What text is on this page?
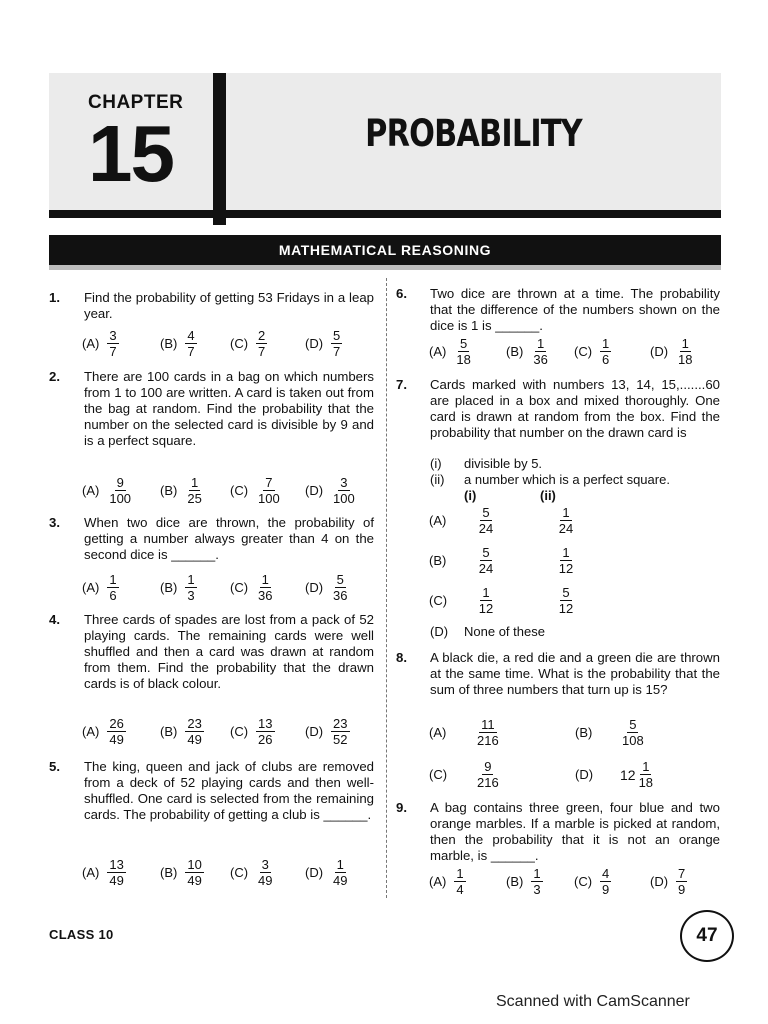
CHAPTER
15	PROBABILITY
MATHEMATICAL REASONING
1. Find the probability of getting 53 Fridays in a leap year.
$(A) \frac{3}{7}$	$(B) \frac{4}{7}$	$(C) \frac{2}{7}$	$(D) \frac{5}{7}$
2. There are 100 cards in a bag on which numbers from 1 to 100 are written. A card is taken out from the bag at random. Find the probability that the number on the selected card is divisible by 9 and is a perfect square.
$(A) \frac{9}{100} (B) \frac{1}{25} (C) \frac{7}{100} (D) \frac{3}{100}$
3. When two dice are thrown, the probability of getting a number always greater than 4 on the second dice is ______.
$(A) \frac{1}{6}$	$(B) \frac{1}{3}$	$(C) \frac{1}{36} (D) \frac{5}{36}$
4. Three cards of spades are lost from a pack of 52 playing cards. The remaining cards were well shuffled and then a card was drawn at random from them. Find the probability that the drawn cards is of black colour.
$(A) \frac{26}{49}$	$(B) \frac{23}{49} (C) \frac{13}{26} (D) \frac{23}{52}$
5. The king, queen and jack of clubs are removed from a deck of 52 playing cards and then well-shuffled. One card is selected from the remaining cards. The probability of getting a club is ______.
$(A) \frac{13}{49}$	$(B) \frac{10}{49} (C) \frac{3}{49} (D) \frac{1}{49}$
6. Two dice are thrown at a time. The probability that the difference of the numbers shown on the dice is 1 is ______.
$(A) \frac{5}{18}$	$(B) \frac{1}{36} (C) \frac{1}{6}$	$(D) \frac{1}{18}$
7. Cards marked with numbers 13, 14, 15,.......60 are placed in a box and mixed thoroughly. One card is drawn at random from the box. Find the probability that number on the drawn card is
(i) divisible by 5.
(ii) a number which is a perfect square.
(i)	(ii)
(A)	$\frac{5}{24}$	$\frac{1}{24}$
(B)	$\frac{5}{24}$	$\frac{1}{12}$
(C)	$\frac{1}{12}$	$\frac{5}{12}$
(D) None of these
8. A black die, a red die and a green die are thrown at the same time. What is the probability that the sum of three numbers that turn up is 15?
(A)	$\frac{11}{216}$	(B)	$\frac{5}{108}$
(C)	$\frac{9}{216}$	(D)	$12 \frac{1}{18}$
9. A bag contains three green, four blue and two orange marbles. If a marble is picked at random, then the probability that it is not an orange marble, is ______.
$(A) \frac{1}{4}$	$(B) \frac{1}{3} (C) \frac{4}{9}$	$(D) \frac{7}{9}$
CLASS 10	47
Scanned with CamScanner
